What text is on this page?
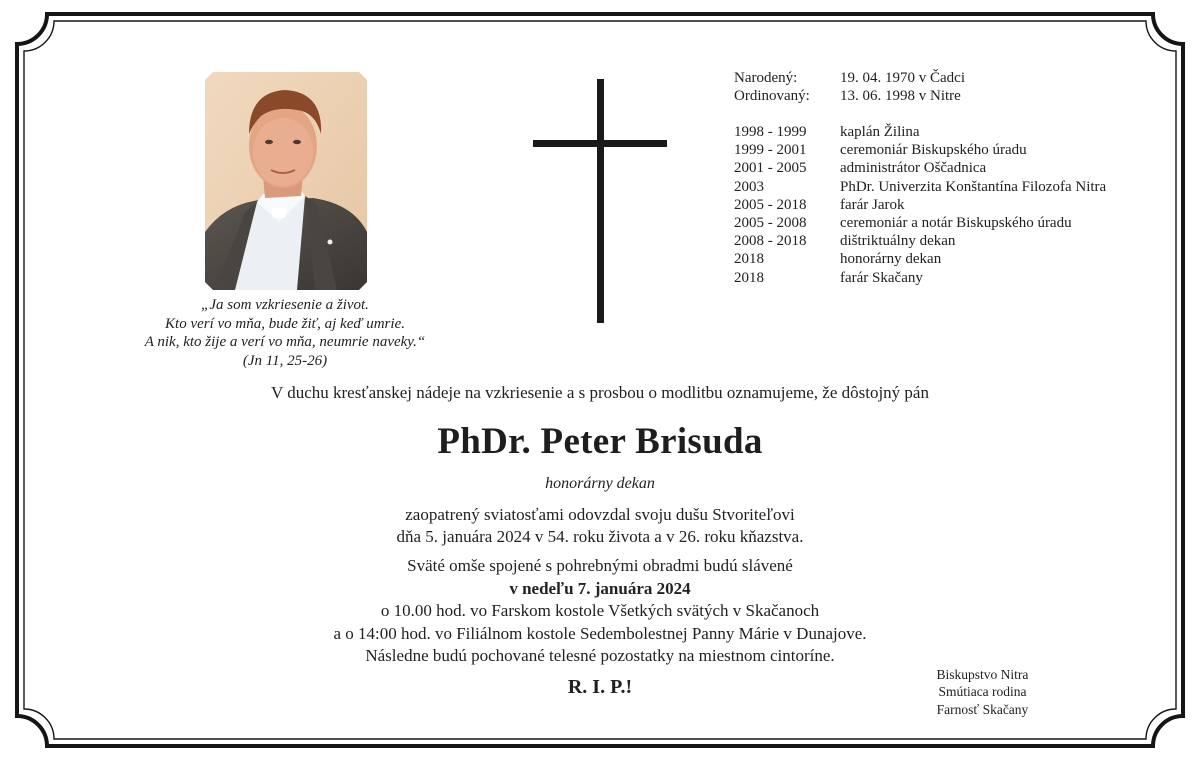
„Ja som vzkriesenie a život.
Kto verí vo mňa, bude žiť, aj keď umrie.
A nik, kto žije a verí vo mňa, neumrie naveky.“
(Jn 11, 25-26)
Narodený:	19. 04. 1970 v Čadci
Ordinovaný:	13. 06. 1998 v Nitre
1998 - 1999	kaplán Žilina
1999 - 2001	ceremoniár Biskupského úradu
2001 - 2005	administrátor Oščadnica
2003	PhDr. Univerzita Konštantína Filozofa Nitra
2005 - 2018	farár Jarok
2005 - 2008	ceremoniár a notár Biskupského úradu
2008 - 2018	dištriktuálny dekan
2018	honorárny dekan
2018	farár Skačany
V duchu kresťanskej nádeje na vzkriesenie a s prosbou o modlitbu oznamujeme, že dôstojný pán
PhDr. Peter Brisuda
honorárny dekan
zaopatrený sviatosťami odovzdal svoju dušu Stvoriteľovi
dňa 5. januára 2024 v 54. roku života a v 26. roku kňazstva.
Sväté omše spojené s pohrebnými obradmi budú slávené
v nedeľu 7. januára 2024
o 10.00 hod. vo Farskom kostole Všetkých svätých v Skačanoch
a o 14:00 hod. vo Filiálnom kostole Sedembolestnej Panny Márie v Dunajove.
Následne budú pochované telesné pozostatky na miestnom cintoríne.
R. I. P.!
Biskupstvo Nitra
Smútiaca rodina
Farnosť Skačany
